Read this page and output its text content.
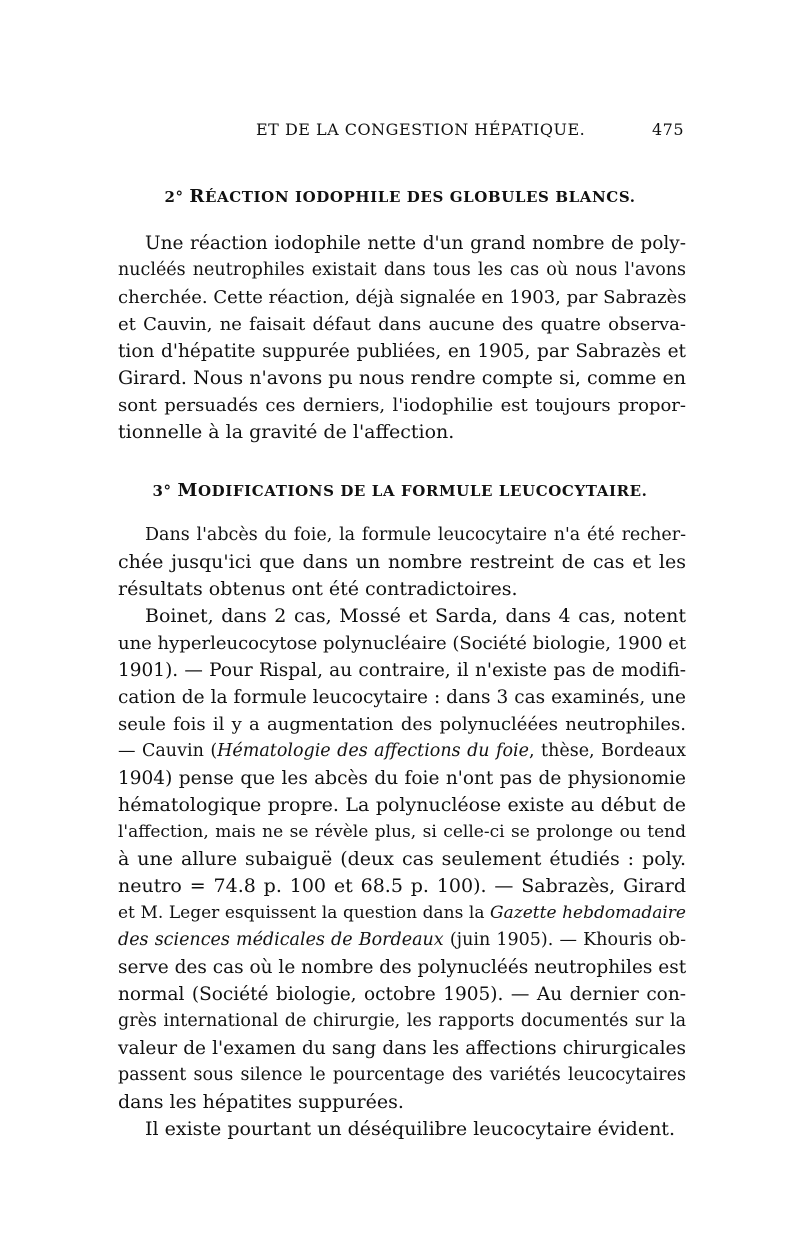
ET DE LA CONGESTION HÉPATIQUE.	475
2° RÉACTION IODOPHILE DES GLOBULES BLANCS.
Une réaction iodophile nette d'un grand nombre de poly-
nucléés neutrophiles existait dans tous les cas où nous l'avons
cherchée. Cette réaction, déjà signalée en 1903, par Sabrazès
et Cauvin, ne faisait défaut dans aucune des quatre observa-
tion d'hépatite suppurée publiées, en 1905, par Sabrazès et
Girard. Nous n'avons pu nous rendre compte si, comme en
sont persuadés ces derniers, l'iodophilie est toujours propor-
tionnelle à la gravité de l'affection.
3° MODIFICATIONS DE LA FORMULE LEUCOCYTAIRE.
Dans l'abcès du foie, la formule leucocytaire n'a été recher-
chée jusqu'ici que dans un nombre restreint de cas et les
résultats obtenus ont été contradictoires.
Boinet, dans 2 cas, Mossé et Sarda, dans 4 cas, notent
une hyperleucocytose polynucléaire (Société biologie, 1900 et
1901). — Pour Rispal, au contraire, il n'existe pas de modifi-
cation de la formule leucocytaire : dans 3 cas examinés, une
seule fois il y a augmentation des polynucléées neutrophiles.
— Cauvin (Hématologie des affections du foie, thèse, Bordeaux
1904) pense que les abcès du foie n'ont pas de physionomie
hématologique propre. La polynucléose existe au début de
l'affection, mais ne se révèle plus, si celle-ci se prolonge ou tend
à une allure subaiguë (deux cas seulement étudiés : poly.
neutro = 74.8 p. 100 et 68.5 p. 100). — Sabrazès, Girard
et M. Leger esquissent la question dans la Gazette hebdomadaire
des sciences médicales de Bordeaux (juin 1905). — Khouris ob-
serve des cas où le nombre des polynucléés neutrophiles est
normal (Société biologie, octobre 1905). — Au dernier con-
grès international de chirurgie, les rapports documentés sur la
valeur de l'examen du sang dans les affections chirurgicales
passent sous silence le pourcentage des variétés leucocytaires
dans les hépatites suppurées.
Il existe pourtant un déséquilibre leucocytaire évident.
